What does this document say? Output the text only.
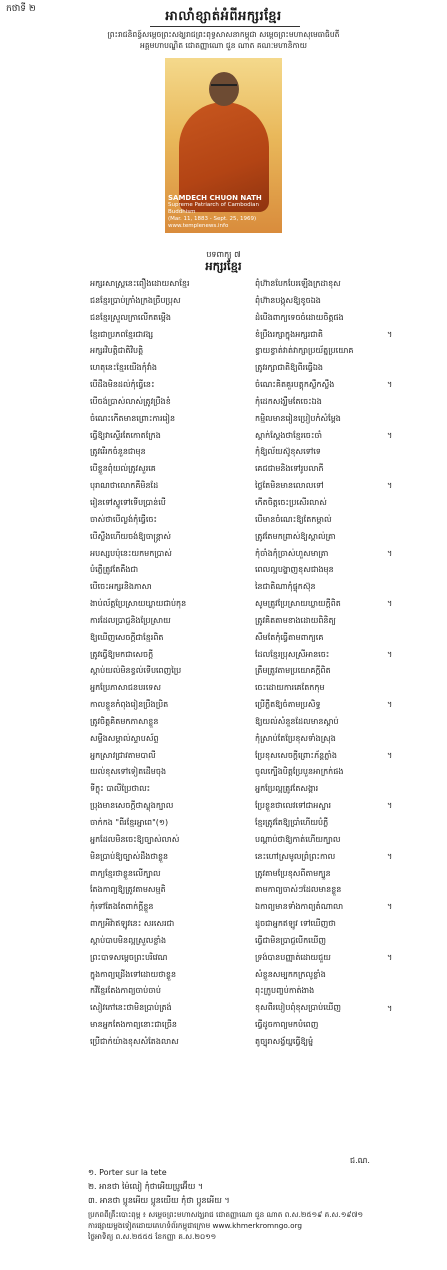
កថាទី ២	អាលាំខ្សាត់អំពីអក្សរខ្មែរ
ព្រះរាជនិពន្ធ៍សម្តេចព្រះសង្ឃរាជព្រះពុទ្ធសាសនាកម្ពុជា សម្តេចព្រះមហាសុមេធាធិបតី
អគ្គមហាបណ្ឌិត ជោតញ្ញាណោ ជួន ណាត គណៈមហានិកាយ
SAMDECH CHUON NATH
Supreme Patriarch of Cambodian Buddhism
(Mar. 11, 1883 - Sept. 25, 1969)
www.templenews.info
បទពាក្យ ៧
អក្សរខ្មែរ
អក្សរសាស្ត្រនេះពឿងដោយសាខ្មែរ
ជនខ្មែរប្រាប់ក្រាំងក្រងច្រឹបប្រុស
ជនខ្មែរស្រួលក្រាលើកតម្កើង
ខ្មែរជាប្រភពខ្មែរជាវង្ស
អក្សរវិបត្តិជាតិវិបត្តិ
ហេតុនេះខ្មែរយើងកុំវាំង
បើដឹងមិនដល់កុំធ្វើនេះ
បើចង់ប្រាស់លាស់ត្រូវប្រឹងខំ
ចំណេះកើតមានព្រោះការរៀន
ធ្វើឱ្យវាស្ទើរតែកោតក្រែង
ត្រូវរើរកចំនួនជាមុន
បើខ្លួនពុំយល់ត្រូវសួរគេ
បុរាណថាលោកគឺមិនដែ
រៀនទៅស្ទូទៅទើបប្រាន់បើ
ចាស់ថាបើល្ងង់កុំធ្វើចេះ
បើស្លឹងហើយចង់ឱ្យចាន្ត្រាស់
អបស្សបប៉ុនេះយកមកប្រាស់
បំភ្លើត្រូវតែតឹងជា
បើចេះអក្សរនិងភាសា
ងាប់ល័ត្តប្រែស្រាយឃ្លាយជាប់កុន
ការដែលប្រាជ្ញនិងប្រែស្រាយ
ឱ្យឃើញសេចក្តីជាខ្មែរពិត
ត្រូវធ្វើឱ្យមកជាសេចក្តី
ស្តាប់យល់មិនខ្វល់ទើបពេញប្រៃ
អ្នកប្រែភាសាជនបរទេស
កាលខ្លួនកំពុងរៀនប្រឹងប្រិត
ត្រូវចិត្តគិតមកភាសាខ្លួន
សម្លឹងសម្គាល់ស្ទាបស័ព្ទ
អ្នកស្រាវជ្រាវតាមបាលី
យល់ខុសទៅទៀតដើមចុង
ទីក្លុះ បាលីប្រែថាលះ
ប្រុងមានសេចក្តីថាស្លុងក្បាល
ចាក់កង "ពីរខ្មែរអ្នាពេ"(១)
អ្នកដែលមិនចេះឱ្យច្បាស់លាស់
មិនប្រាប់ឱ្យច្បាស់ដឹងថាខ្លួន
ពាក្យខ្មែរថាខ្លួនលើក្បាល
តែងកាព្យឱ្យត្រូវតាមសម្មតិ
កុំទៅតែងតែពាក់ក្តីខ្លួន
ពាក្យអីវ៉ាឥឡូវនេះ សរសេរជា
ស្តាប់បាបមិនល្អស្រួលខ្លាំង
ព្រះបាទសម្តេចព្រះបរិវេណ
ក្នុងកាព្យដ្រើងទៅដោយថាខ្លួន
កវីខ្មែរតែងកាព្យចាប់ចាប់
សៀវភៅនេះថាមិនប្រាប់ត្រង់
មានអ្នកតែងកាព្យនោះជាច្រើន
ប្រើជាក់យ៉ាងខុសសំតែងលាស
ពុំហ៊ានបែកបែរឡើងក្រដាខុស
ពុំហ៊ានបង្កុសឱ្យខូចឯង
ដំបើងពាក្យទេចចំដោយចិត្តផង
ខំប្រឹងរក្សាក្នុងអក្សរជាតិ
ខ្វាយខ្វាត់វាត់វាក្សាប្រយ័ត្នប្រយោគ
ត្រូវរក្សាជាតិឱ្យពីរធ្វើឯង
ចំណេះគិតគួរបត្តុកស្លឹកស្លឹង
កុំដេកសង្ឃឹមតែចេះឯង
កម្មិលមានរៀនប្រៀបកំសំម្តែង
ស្តាក់ស្តែងថាខ្មែរចេះចាំ
កុំឱ្យល័យស៊ូខុសទៅទេ
គេជជាមនិងទៅរូបលាភី
ថ្លៃតែមិនមានលោលទៅ
កើតចិត្តចេះប្រសើរលាស់
បើមានចំណេះឱ្យតែកម្តាល់
ត្រូវតែមកព្រាស់ឱ្យស្គាល់ត្រា
កុំចាំងកុំច្រាស់ហួសមាត្រា
ពេលល្អបង្ហាញខុសជាងមុន
នៃជាតិណាកុំផ្ទុកស៊ុន
សូមត្រូវប្រែស្រាយឃ្លាយក្តីពិត
ត្រូវគិតតាមខាងដោយពិនិត្យ
សឹមតែកុំធ្វើតាមពាក្យគេ
ដែលខ្មែរប្រុសស្រីអានចេះ
ត្រឹមត្រូវតាមប្រយោគក្តីពិត
ចេះដោយការគេតែកកុម
ប្រើភ្លឹតឱ្យចំតាមប្រសិទ្ធ
ឱ្យយល់សំនួនដែលមានស្តាប់
កុំស្រាប់តែប្រែខុសទាំងស្រុង
ប្រែខុសសេចក្តីព្រោះភ័ន្តភ្លាំង
ចូលក្បើងបិត្តប្រែបួនអាក្រក់ផង
អ្នកប្រែល្អត្រូវតែសង្ការ
ប្រែខ្លួនថាលេវទៅជាអស្ចារ
ខ្មែរត្រូវតែឱ្យប្រាំហើយបំភ្លឺ
បណ្ដាប់ថាឱ្យកាត់ហើយក្បាល
នេះហៅស្រមូលព្រំព្រះកាល
ត្រូវតាមប្រែខុសពីតាមក្បួន
តាមកាព្យចាស់ៗដែលមានខ្លួន
ឯកាព្យមានទាំងកាព្យតំណាលា
ដូចជាអ្នកឥឡូវ ទៅឃើញថា
ធ្វើជាមិនប្រាជ្ញបើកឃើញ
ទ្រង់បានបញ្ញាត់ដោយជួយ
សំខ្លួនសម្បកកក្រលូខ្លាំង
ពុះក្រូបញ្ចប់កាត់ងាង
ខុសពីរបៀបពុំខុសប្រាប់ឃើញ
ធ្វើដូចកាព្យមកបំពេញ
តូច្បុរាសង្វ័យ្ហធ្វើឱ្យម្នំ
។
។
។
។
។
។
។
។
។
។
។
។
។
។
ជ.ណ.
១. Porter sur la tete
២. អានថា ម៉ៃលៀ កុំថាអើយប្រូអ៊ើយ ។
៣. អានថា ប្អូនអើយ ប្អូនយើយ កុំថា ប្អូនអើយ ។
ប្រភពពីគ្រឹះបោះពុម្ព ៖ សម្តេចព្រះមហាសង្ឃរាជ ជោតញ្ញាណោ ជួន ណាត ព.ស.២៥១៩ គ.ស.១៩៧១
ការផ្សាយម្តងទៀតដោយគេហទំព័រកម្ពុជាក្រោម www.khmerkromngo.org
ថ្ងៃអាទិត្យ ព.ស.២៥៥៥ ខែកញ្ញា គ.ស.២០១១
